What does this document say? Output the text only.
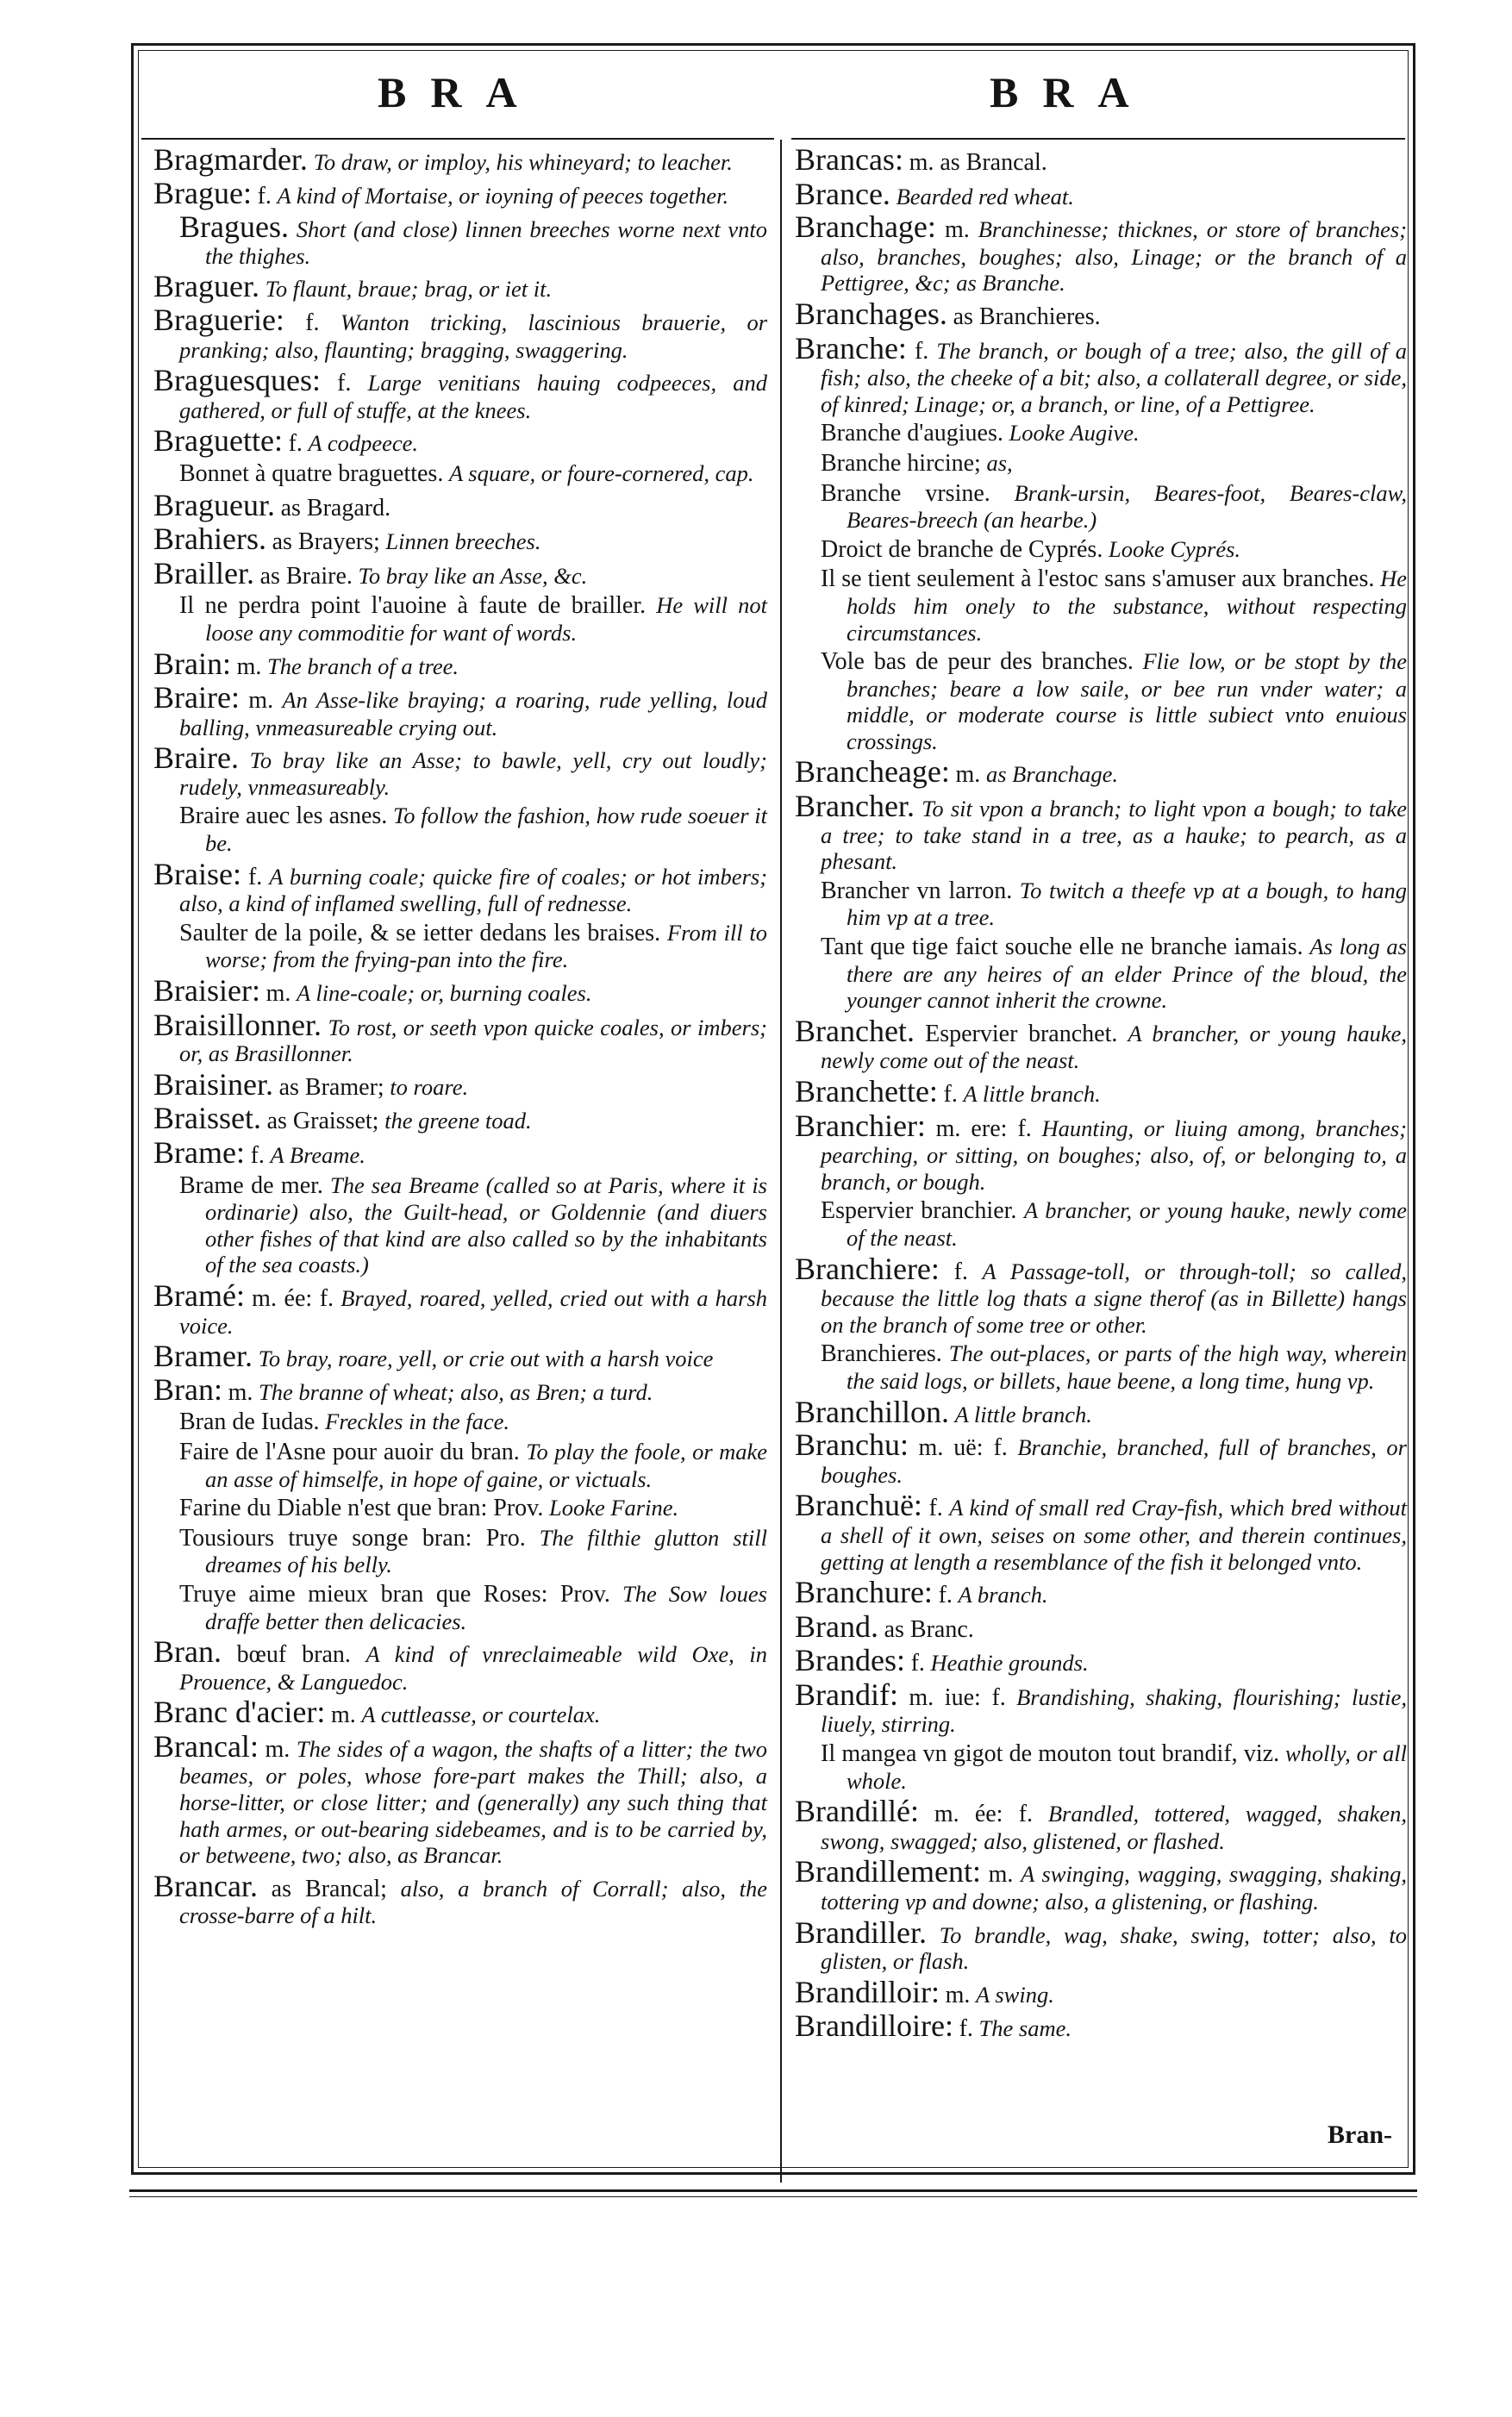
BRA	BRA

Bragmarder. To draw, or imploy, his whineyard; to leacher.

Brague: f. A kind of Mortaise, or ioyning of peeces together.

Bragues. Short (and close) linnen breeches worne next vnto the thighes.

Braguer. To flaunt, braue; brag, or iet it.

Braguerie: f. Wanton tricking, lascinious brauerie, or pranking; also, flaunting; bragging, swaggering.

Braguesques: f. Large venitians hauing codpeeces, and gathered, or full of stuffe, at the knees.

Braguette: f. A codpeece.

Bonnet à quatre braguettes. A square, or foure-cornered, cap.

Bragueur. as Bragard.

Brahiers. as Brayers; Linnen breeches.

Brailler. as Braire. To bray like an Asse, &c.

Il ne perdra point l'auoine à faute de brailler. He will not loose any commoditie for want of words.

Brain: m. The branch of a tree.

Braire: m. An Asse-like braying; a roaring, rude yelling, loud balling, vnmeasureable crying out.

Braire. To bray like an Asse; to bawle, yell, cry out loudly; rudely, vnmeasureably.

Braire auec les asnes. To follow the fashion, how rude soeuer it be.

Braise: f. A burning coale; quicke fire of coales; or hot imbers; also, a kind of inflamed swelling, full of rednesse.

Saulter de la poile, & se ietter dedans les braises. From ill to worse; from the frying-pan into the fire.

Braisier: m. A line-coale; or, burning coales.

Braisillonner. To rost, or seeth vpon quicke coales, or imbers; or, as Brasillonner.

Braisiner. as Bramer; to roare.

Braisset. as Graisset; the greene toad.

Brame: f. A Breame.

Brame de mer. The sea Breame (called so at Paris, where it is ordinarie) also, the Guilt-head, or Goldennie (and diuers other fishes of that kind are also called so by the inhabitants of the sea coasts.)

Bramé: m. ée: f. Brayed, roared, yelled, cried out with a harsh voice.

Bramer. To bray, roare, yell, or crie out with a harsh voice

Bran: m. The branne of wheat; also, as Bren; a turd.

Bran de Iudas. Freckles in the face.

Faire de l'Asne pour auoir du bran. To play the foole, or make an asse of himselfe, in hope of gaine, or victuals.

Farine du Diable n'est que bran: Prov. Looke Farine.

Tousiours truye songe bran: Pro. The filthie glutton still dreames of his belly.

Truye aime mieux bran que Roses: Prov. The Sow loues draffe better then delicacies.

Bran. bœuf bran. A kind of vnreclaimeable wild Oxe, in Prouence, & Languedoc.

Branc d'acier: m. A cuttleasse, or courtelax.

Brancal: m. The sides of a wagon, the shafts of a litter; the two beames, or poles, whose fore-part makes the Thill; also, a horse-litter, or close litter; and (generally) any such thing that hath armes, or out-bearing sidebeames, and is to be carried by, or betweene, two; also, as Brancar.

Brancar. as Brancal; also, a branch of Corrall; also, the crosse-barre of a hilt.

Brancas: m. as Brancal.

Brance. Bearded red wheat.

Branchage: m. Branchinesse; thicknes, or store of branches; also, branches, boughes; also, Linage; or the branch of a Pettigree, &c; as Branche.

Branchages. as Branchieres.

Branche: f. The branch, or bough of a tree; also, the gill of a fish; also, the cheeke of a bit; also, a collaterall degree, or side, of kinred; Linage; or, a branch, or line, of a Pettigree.

Branche d'augiues. Looke Augive.

Branche hircine; as,

Branche vrsine. Brank-ursin, Beares-foot, Beares-claw, Beares-breech (an hearbe.)

Droict de branche de Cyprés. Looke Cyprés.

Il se tient seulement à l'estoc sans s'amuser aux branches. He holds him onely to the substance, without respecting circumstances.

Vole bas de peur des branches. Flie low, or be stopt by the branches; beare a low saile, or bee run vnder water; a middle, or moderate course is little subiect vnto enuious crossings.

Brancheage: m. as Branchage.

Brancher. To sit vpon a branch; to light vpon a bough; to take a tree; to take stand in a tree, as a hauke; to pearch, as a phesant.

Brancher vn larron. To twitch a theefe vp at a bough, to hang him vp at a tree.

Tant que tige faict souche elle ne branche iamais. As long as there are any heires of an elder Prince of the bloud, the younger cannot inherit the crowne.

Branchet. Espervier branchet. A brancher, or young hauke, newly come out of the neast.

Branchette: f. A little branch.

Branchier: m. ere: f. Haunting, or liuing among, branches; pearching, or sitting, on boughes; also, of, or belonging to, a branch, or bough.

Espervier branchier. A brancher, or young hauke, newly come of the neast.

Branchiere: f. A Passage-toll, or through-toll; so called, because the little log thats a signe therof (as in Billette) hangs on the branch of some tree or other.

Branchieres. The out-places, or parts of the high way, wherein the said logs, or billets, haue beene, a long time, hung vp.

Branchillon. A little branch.

Branchu: m. uë: f. Branchie, branched, full of branches, or boughes.

Branchuë: f. A kind of small red Cray-fish, which bred without a shell of it own, seises on some other, and therein continues, getting at length a resemblance of the fish it belonged vnto.

Branchure: f. A branch.

Brand. as Branc.

Brandes: f. Heathie grounds.

Brandif: m. iue: f. Brandishing, shaking, flourishing; lustie, liuely, stirring.

Il mangea vn gigot de mouton tout brandif, viz. wholly, or all whole.

Brandillé: m. ée: f. Brandled, tottered, wagged, shaken, swong, swagged; also, glistened, or flashed.

Brandillement: m. A swinging, wagging, swagging, shaking, tottering vp and downe; also, a glistening, or flashing.

Brandiller. To brandle, wag, shake, swing, totter; also, to glisten, or flash.

Brandilloir: m. A swing.

Brandilloire: f. The same.

Bran-
